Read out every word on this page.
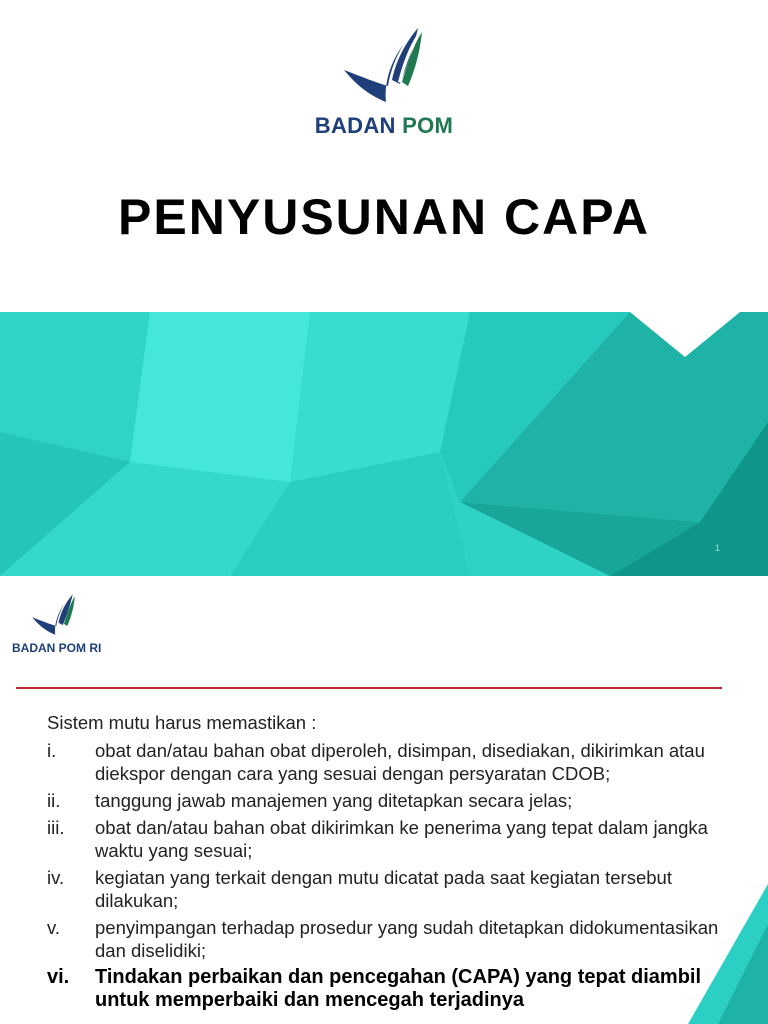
BADAN POM
PENYUSUNAN CAPA
1
BADAN POM RI
Sistem mutu harus memastikan :
i. obat dan/atau bahan obat diperoleh, disimpan, disediakan, dikirimkan atau diekspor dengan cara yang sesuai dengan persyaratan CDOB;
ii. tanggung jawab manajemen yang ditetapkan secara jelas;
iii. obat dan/atau bahan obat dikirimkan ke penerima yang tepat dalam jangka waktu yang sesuai;
iv. kegiatan yang terkait dengan mutu dicatat pada saat kegiatan tersebut dilakukan;
v. penyimpangan terhadap prosedur yang sudah ditetapkan didokumentasikan dan diselidiki;
vi. Tindakan perbaikan dan pencegahan (CAPA) yang tepat diambil untuk memperbaiki dan mencegah terjadinya
